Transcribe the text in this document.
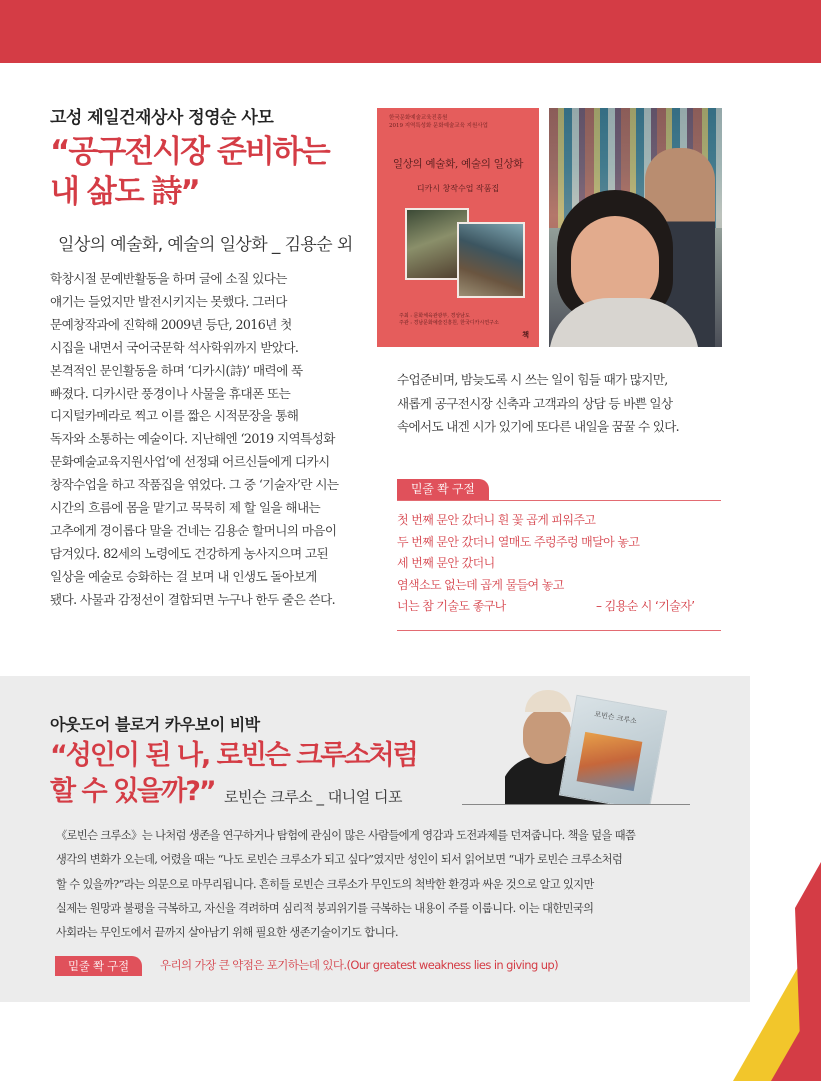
고성 제일건재상사 정영순 사모
“공구전시장 준비하는
내 삶도 詩”
일상의 예술화, 예술의 일상화 _ 김용순 외

학창시절 문예반활동을 하며 글에 소질 있다는

얘기는 들었지만 발전시키지는 못했다. 그러다

문예창작과에 진학해 2009년 등단, 2016년 첫

시집을 내면서 국어국문학 석사학위까지 받았다.

본격적인 문인활동을 하며 ‘디카시(詩)’ 매력에 푹

빠졌다. 디카시란 풍경이나 사물을 휴대폰 또는

디지털카메라로 찍고 이를 짧은 시적문장을 통해

독자와 소통하는 예술이다. 지난해엔 ‘2019 지역특성화

문화예술교육지원사업’에 선정돼 어르신들에게 디카시

창작수업을 하고 작품집을 엮었다. 그 중 ‘기술자’란 시는

시간의 흐름에 몸을 맡기고 묵묵히 제 할 일을 해내는

고추에게 경이롭다 말을 건네는 김용순 할머니의 마음이

담겨있다. 82세의 노령에도 건강하게 농사지으며 고된

일상을 예술로 승화하는 걸 보며 내 인생도 돌아보게

됐다. 사물과 감정선이 결합되면 누구나 한두 줄은 쓴다.

한국문화예술교육진흥원
2019 지역특성화 문화예술교육 지원사업
일상의 예술화, 예술의 일상화
디카시 창작수업 작품집
주최 : 문화체육관광부, 경상남도
주관 : 경남문화예술진흥원, 한국디카시연구소
책

수업준비며, 밤늦도록 시 쓰는 일이 힘들 때가 많지만,

새롭게 공구전시장 신축과 고객과의 상담 등 바쁜 일상

속에서도 내겐 시가 있기에 또다른 내일을 꿈꿀 수 있다.

밑줄 쫙 구절
첫 번째 문안 갔더니 흰 꽃 곱게 피워주고
두 번째 문안 갔더니 열매도 주렁주렁 매달아 놓고
세 번째 문안 갔더니
염색소도 없는데 곱게 물들여 놓고
너는 참 기술도 좋구나	– 김용순 시 ‘기술자’
아웃도어 블로거 카우보이 비박
“성인이 된 나, 로빈슨 크루소처럼
할 수 있을까?” 로빈슨 크루소 _ 대니얼 디포
로빈슨 크루소

《로빈슨 크루소》는 나처럼 생존을 연구하거나 탐험에 관심이 많은 사람들에게 영감과 도전과제를 던져줍니다. 책을 덮을 때쯤

생각의 변화가 오는데, 어렸을 때는 “나도 로빈슨 크루소가 되고 싶다”였지만 성인이 되서 읽어보면 “내가 로빈슨 크루소처럼

할 수 있을까?”라는 의문으로 마무리됩니다. 흔히들 로빈슨 크루소가 무인도의 척박한 환경과 싸운 것으로 알고 있지만

실제는 원망과 불평을 극복하고, 자신을 격려하며 심리적 붕괴위기를 극복하는 내용이 주를 이룹니다. 이는 대한민국의

사회라는 무인도에서 끝까지 살아남기 위해 필요한 생존기술이기도 합니다.

밑줄 쫙 구절	우리의 가장 큰 약점은 포기하는데 있다.(Our greatest weakness lies in giving up)
